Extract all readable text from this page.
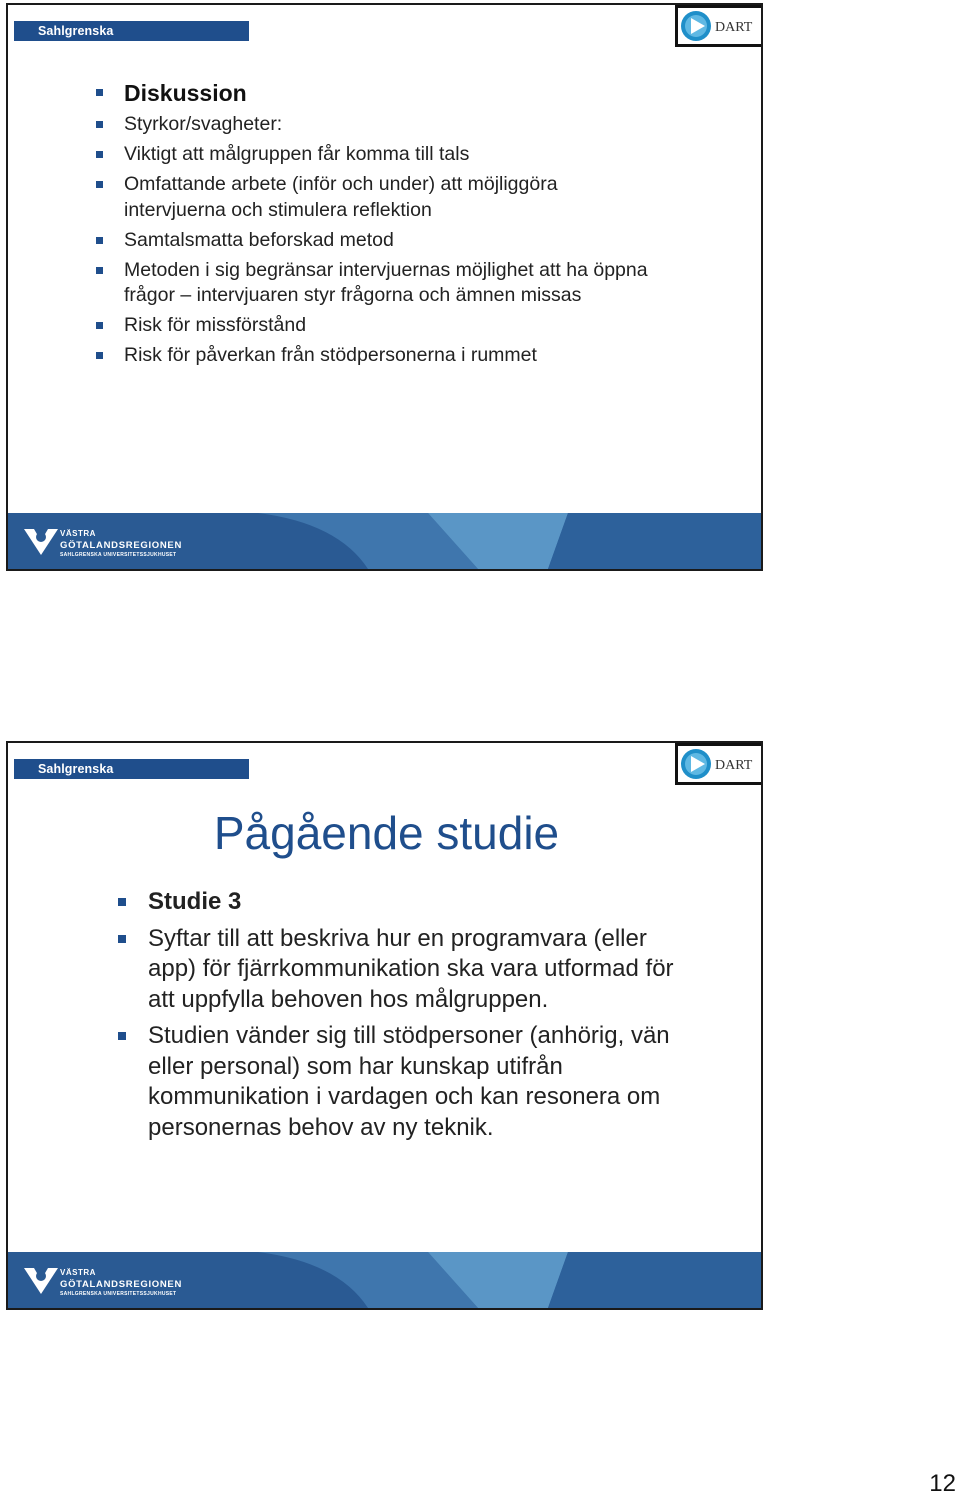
Sahlgrenska Universitetssjukhuset
DART
Diskussion
Styrkor/svagheter:
Viktigt att målgruppen får komma till tals
Omfattande arbete (inför och under) att möjliggöra intervjuerna och stimulera reflektion
Samtalsmatta beforskad metod
Metoden i sig begränsar intervjuernas möjlighet att ha öppna frågor – intervjuaren styr frågorna och ämnen missas
Risk för missförstånd
Risk för påverkan från stödpersonerna i rummet
VÄSTRA
GÖTALANDSREGIONEN
SAHLGRENSKA UNIVERSITETSSJUKHUSET
Sahlgrenska Universitetssjukhuset
DART
Pågående studie
Studie 3
Syftar till att beskriva hur en programvara (eller app) för fjärrkommunikation ska vara utformad för att uppfylla behoven hos målgruppen.
Studien vänder sig till stödpersoner (anhörig, vän eller personal) som har kunskap utifrån kommunikation i vardagen och kan resonera om personernas behov av ny teknik.
VÄSTRA
GÖTALANDSREGIONEN
SAHLGRENSKA UNIVERSITETSSJUKHUSET
12
